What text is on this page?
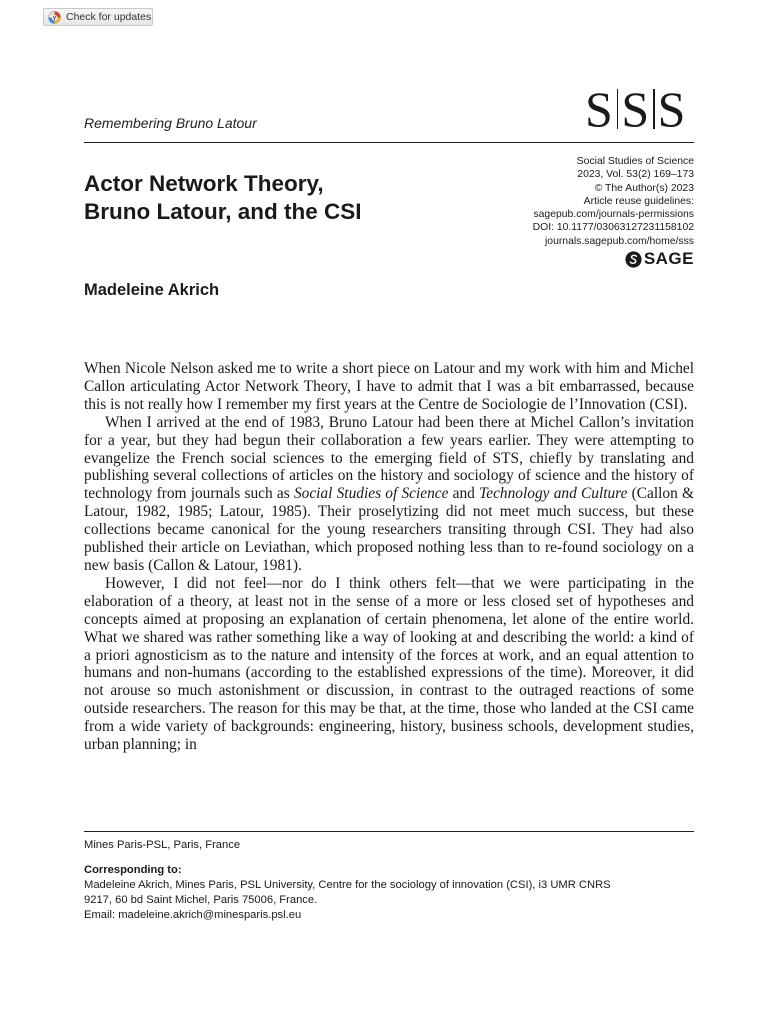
Check for updates
Remembering Bruno Latour	S S S
Actor Network Theory,
Bruno Latour, and the CSI
Social Studies of Science
2023, Vol. 53(2) 169–173
© The Author(s) 2023
Article reuse guidelines:
sagepub.com/journals-permissions
DOI: 10.1177/03063127231158102
journals.sagepub.com/home/sss
SAGE
Madeleine Akrich

When Nicole Nelson asked me to write a short piece on Latour and my work with him and Michel Callon articulating Actor Network Theory, I have to admit that I was a bit embarrassed, because this is not really how I remember my first years at the Centre de Sociologie de l’Innovation (CSI).

When I arrived at the end of 1983, Bruno Latour had been there at Michel Callon’s invitation for a year, but they had begun their collaboration a few years earlier. They were attempting to evangelize the French social sciences to the emerging field of STS, chiefly by translating and publishing several collections of articles on the history and sociology of science and the history of technology from journals such as Social Studies of Science and Technology and Culture (Callon & Latour, 1982, 1985; Latour, 1985). Their proselytizing did not meet much success, but these collections became canonical for the young researchers transiting through CSI. They had also published their article on Leviathan, which proposed nothing less than to re-found sociology on a new basis (Callon & Latour, 1981).

However, I did not feel—nor do I think others felt—that we were participating in the elaboration of a theory, at least not in the sense of a more or less closed set of hypotheses and concepts aimed at proposing an explanation of certain phenomena, let alone of the entire world. What we shared was rather something like a way of looking at and describing the world: a kind of a priori agnosticism as to the nature and intensity of the forces at work, and an equal attention to humans and non-humans (according to the established expressions of the time). Moreover, it did not arouse so much astonishment or discussion, in contrast to the outraged reactions of some outside researchers. The reason for this may be that, at the time, those who landed at the CSI came from a wide variety of backgrounds: engineering, history, business schools, development studies, urban planning; in

Mines Paris-PSL, Paris, France
Corresponding to:
Madeleine Akrich, Mines Paris, PSL University, Centre for the sociology of innovation (CSI), i3 UMR CNRS
9217, 60 bd Saint Michel, Paris 75006, France.
Email: madeleine.akrich@minesparis.psl.eu
